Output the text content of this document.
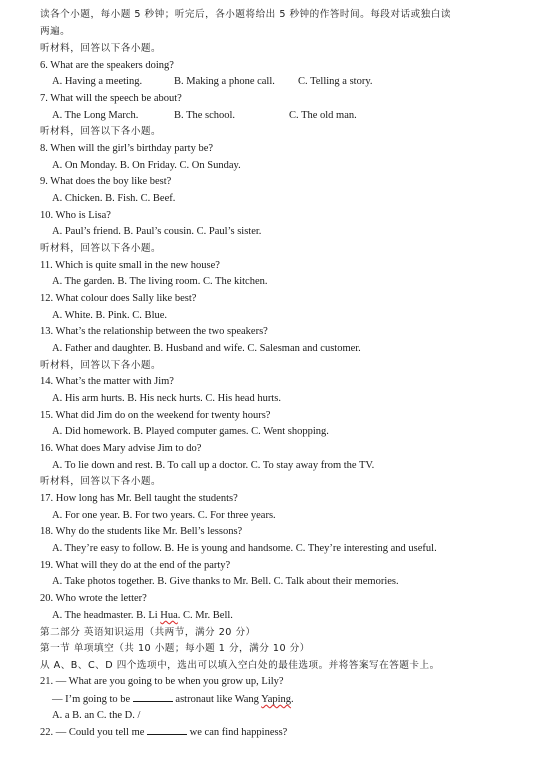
读各个小题，每小题 5 秒钟；听完后，各小题将给出 5 秒钟的作答时间。每段对话或独白读
两遍。
听材料，回答以下各小题。
6. What are the speakers doing?
A. Having a meeting.	B. Making a phone call. C. Telling a story.
7. What will the speech be about?
A. The Long March.	B. The school.	C. The old man.
听材料，回答以下各小题。
8. When will the girl’s birthday party be?
A. On Monday. B. On Friday. C. On Sunday.
9. What does the boy like best?
A. Chicken. B. Fish. C. Beef.
10. Who is Lisa?
A. Paul’s friend. B. Paul’s cousin. C. Paul’s sister.
听材料，回答以下各小题。
11. Which is quite small in the new house?
A. The garden. B. The living room. C. The kitchen.
12. What colour does Sally like best?
A. White. B. Pink. C. Blue.
13. What’s the relationship between the two speakers?
A. Father and daughter. B. Husband and wife. C. Salesman and customer.
听材料，回答以下各小题。
14. What’s the matter with Jim?
A. His arm hurts. B. His neck hurts. C. His head hurts.
15. What did Jim do on the weekend for twenty hours?
A. Did homework. B. Played computer games. C. Went shopping.
16. What does Mary advise Jim to do?
A. To lie down and rest. B. To call up a doctor. C. To stay away from the TV.
听材料，回答以下各小题。
17. How long has Mr. Bell taught the students?
A. For one year. B. For two years. C. For three years.
18. Why do the students like Mr. Bell’s lessons?
A. They’re easy to follow. B. He is young and handsome. C. They’re interesting and useful.
19. What will they do at the end of the party?
A. Take photos together. B. Give thanks to Mr. Bell. C. Talk about their memories.
20. Who wrote the letter?
A. The headmaster. B. Li Hua. C. Mr. Bell.
第二部分 英语知识运用（共两节，满分 20 分）
第一节 单项填空（共 10 小题；每小题 1 分，满分 10 分）
从 A、B、C、D 四个选项中，选出可以填入空白处的最佳选项。并将答案写在答题卡上。
21. — What are you going to be when you grow up, Lily?
— I’m going to be	astronaut like Wang Yaping.
A. a B. an C. the D. /
22. — Could you tell me	we can find happiness?
